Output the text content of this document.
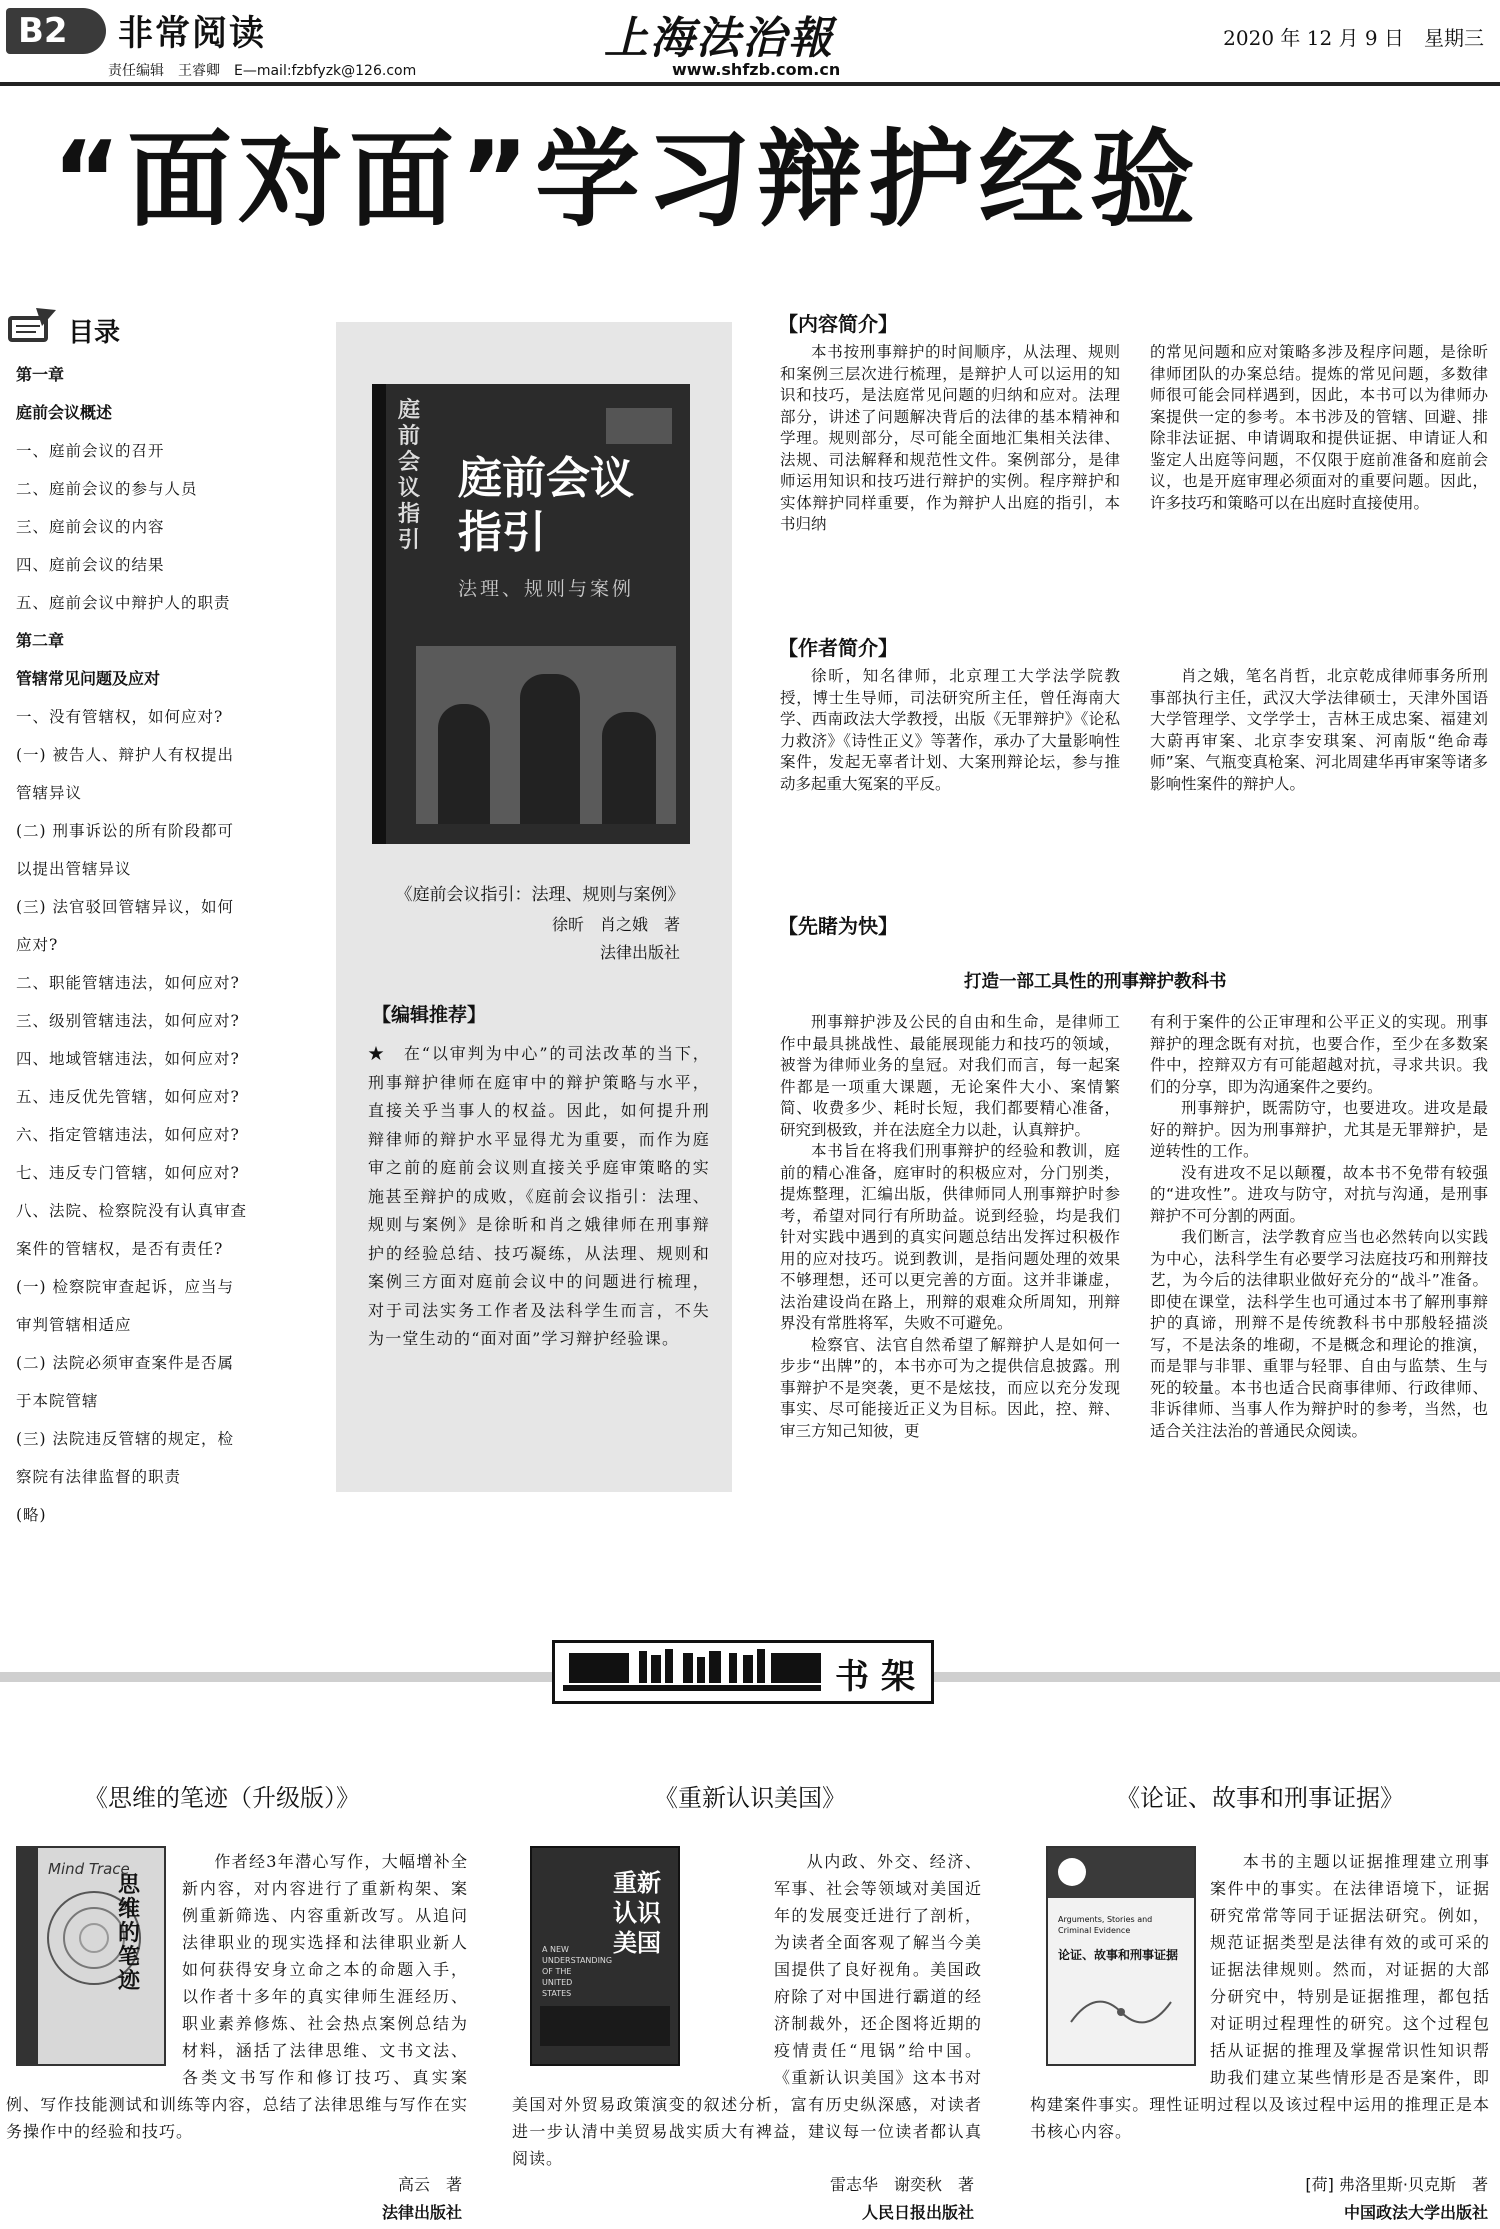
B2	非常阅读
责任编辑　王睿卿　E—mail:fzbfyzk@126.com
上海法治報
www.shfzb.com.cn
2020 年 12 月 9 日　星期三
“面对面”学习辩护经验
目录
第一章
庭前会议概述
一、庭前会议的召开
二、庭前会议的参与人员
三、庭前会议的内容
四、庭前会议的结果
五、庭前会议中辩护人的职责
第二章
管辖常见问题及应对
一、没有管辖权，如何应对?
(一) 被告人、辩护人有权提出
管辖异议
(二) 刑事诉讼的所有阶段都可
以提出管辖异议
(三) 法官驳回管辖异议，如何
应对?
二、职能管辖违法，如何应对?
三、级别管辖违法，如何应对?
四、地域管辖违法，如何应对?
五、违反优先管辖，如何应对?
六、指定管辖违法，如何应对?
七、违反专门管辖，如何应对?
八、法院、检察院没有认真审查
案件的管辖权，是否有责任?
(一) 检察院审查起诉，应当与
审判管辖相适应
(二) 法院必须审查案件是否属
于本院管辖
(三) 法院违反管辖的规定，检
察院有法律监督的职责
(略)
庭前会议指引
庭前会议
指引
法理、规则与案例
《庭前会议指引：法理、规则与案例》
徐昕　肖之娥　著
法律出版社
【编辑推荐】
★　在“以审判为中心”的司法改革的当下，刑事辩护律师在庭审中的辩护策略与水平，直接关乎当事人的权益。因此，如何提升刑辩律师的辩护水平显得尤为重要，而作为庭审之前的庭前会议则直接关乎庭审策略的实施甚至辩护的成败，《庭前会议指引：法理、规则与案例》是徐昕和肖之娥律师在刑事辩护的经验总结、技巧凝练，从法理、规则和案例三方面对庭前会议中的问题进行梳理，对于司法实务工作者及法科学生而言，不失为一堂生动的“面对面”学习辩护经验课。
【内容简介】

本书按刑事辩护的时间顺序，从法理、规则和案例三层次进行梳理，是辩护人可以运用的知识和技巧，是法庭常见问题的归纳和应对。法理部分，讲述了问题解决背后的法律的基本精神和学理。规则部分，尽可能全面地汇集相关法律、法规、司法解释和规范性文件。案例部分，是律师运用知识和技巧进行辩护的实例。程序辩护和实体辩护同样重要，作为辩护人出庭的指引，本书归纳

的常见问题和应对策略多涉及程序问题，是徐昕律师团队的办案总结。提炼的常见问题，多数律师很可能会同样遇到，因此，本书可以为律师办案提供一定的参考。本书涉及的管辖、回避、排除非法证据、申请调取和提供证据、申请证人和鉴定人出庭等问题，不仅限于庭前准备和庭前会议，也是开庭审理必须面对的重要问题。因此，许多技巧和策略可以在出庭时直接使用。

【作者简介】

徐昕，知名律师，北京理工大学法学院教授，博士生导师，司法研究所主任，曾任海南大学、西南政法大学教授，出版《无罪辩护》《论私力救济》《诗性正义》等著作，承办了大量影响性案件，发起无辜者计划、大案刑辩论坛，参与推动多起重大冤案的平反。

肖之娥，笔名肖哲，北京乾成律师事务所刑事部执行主任，武汉大学法律硕士，天津外国语大学管理学、文学学士，吉林王成忠案、福建刘大蔚再审案、北京李安琪案、河南版“绝命毒师”案、气瓶变真枪案、河北周建华再审案等诸多影响性案件的辩护人。

【先睹为快】
打造一部工具性的刑事辩护教科书

刑事辩护涉及公民的自由和生命，是律师工作中最具挑战性、最能展现能力和技巧的领域，被誉为律师业务的皇冠。对我们而言，每一起案件都是一项重大课题，无论案件大小、案情繁简、收费多少、耗时长短，我们都要精心准备，研究到极致，并在法庭全力以赴，认真辩护。

本书旨在将我们刑事辩护的经验和教训，庭前的精心准备，庭审时的积极应对，分门别类，提炼整理，汇编出版，供律师同人刑事辩护时参考，希望对同行有所助益。说到经验，均是我们针对实践中遇到的真实问题总结出发挥过积极作用的应对技巧。说到教训，是指问题处理的效果不够理想，还可以更完善的方面。这并非谦虚，法治建设尚在路上，刑辩的艰难众所周知，刑辩界没有常胜将军，失败不可避免。

检察官、法官自然希望了解辩护人是如何一步步“出牌”的，本书亦可为之提供信息披露。刑事辩护不是突袭，更不是炫技，而应以充分发现事实、尽可能接近正义为目标。因此，控、辩、审三方知己知彼，更

有利于案件的公正审理和公平正义的实现。刑事辩护的理念既有对抗，也要合作，至少在多数案件中，控辩双方有可能超越对抗，寻求共识。我们的分享，即为沟通案件之要约。

刑事辩护，既需防守，也要进攻。进攻是最好的辩护。因为刑事辩护，尤其是无罪辩护，是逆转性的工作。

没有进攻不足以颠覆，故本书不免带有较强的“进攻性”。进攻与防守，对抗与沟通，是刑事辩护不可分割的两面。

我们断言，法学教育应当也必然转向以实践为中心，法科学生有必要学习法庭技巧和刑辩技艺，为今后的法律职业做好充分的“战斗”准备。即使在课堂，法科学生也可通过本书了解刑事辩护的真谛，刑辩不是传统教科书中那般轻描淡写，不是法条的堆砌，不是概念和理论的推演，而是罪与非罪、重罪与轻罪、自由与监禁、生与死的较量。本书也适合民商事律师、行政律师、非诉律师、当事人作为辩护时的参考，当然，也适合关注法治的普通民众阅读。

书架
《思维的笔迹（升级版）》
思维的笔迹
Mind Trace	作者经3年潜心写作，大幅增补全新内容，对内容进行了重新构架、案例重新筛选、内容重新改写。从追问法律职业的现实选择和法律职业新人如何获得安身立命之本的命题入手，以作者十多年的真实律师生涯经历、职业素养修炼、社会热点案例总结为材料，涵括了法律思维、文书文法、各类文书写作和修订技巧、真实案例、写作技能测试和训练等内容，总结了法律思维与写作在实务操作中的经验和技巧。
高云　著
法律出版社
《重新认识美国》
重新认识美国
A NEW UNDERSTANDING OF THE UNITED STATES
从内政、外交、经济、军事、社会等领域对美国近年的发展变迁进行了剖析，为读者全面客观了解当今美国提供了良好视角。美国政府除了对中国进行霸道的经济制裁外，还企图将近期的疫情责任“甩锅”给中国。《重新认识美国》这本书对美国对外贸易政策演变的叙述分析，富有历史纵深感，对读者进一步认清中美贸易战实质大有裨益，建议每一位读者都认真阅读。
雷志华　谢奕秋　著
人民日报出版社
《论证、故事和刑事证据》
Arguments, Stories and Criminal Evidence
论证、故事和刑事证据
本书的主题以证据推理建立刑事案件中的事实。在法律语境下，证据研究常常等同于证据法研究。例如，规范证据类型是法律有效的或可采的证据法律规则。然而，对证据的大部分研究中，特别是证据推理，都包括对证明过程理性的研究。这个过程包括从证据的推理及掌握常识性知识帮助我们建立某些情形是否是案件，即构建案件事实。理性证明过程以及该过程中运用的推理正是本书核心内容。
[荷] 弗洛里斯·贝克斯　著
中国政法大学出版社
